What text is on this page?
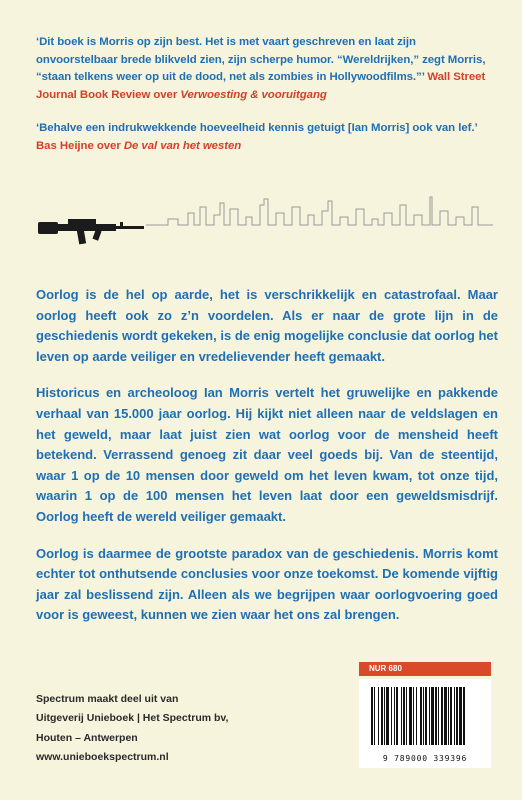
‘Dit boek is Morris op zijn best. Het is met vaart geschreven en laat zijn onvoorstelbaar brede blikveld zien, zijn scherpe humor. “Wereldrijken,” zegt Morris, “staan telkens weer op uit de dood, net als zombies in Hollywoodfilms.”’ Wall Street Journal Book Review over Verwoesting & vooruitgang

‘Behalve een indrukwekkende hoeveelheid kennis getuigt [Ian Morris] ook van lef.’ Bas Heijne over De val van het westen

Oorlog is de hel op aarde, het is verschrikkelijk en catastrofaal. Maar oorlog heeft ook zo z’n voordelen. Als er naar de grote lijn in de geschiedenis wordt gekeken, is de enig mogelijke conclusie dat oorlog het leven op aarde veiliger en vredelievender heeft gemaakt.

Historicus en archeoloog Ian Morris vertelt het gruwelijke en pakkende verhaal van 15.000 jaar oorlog. Hij kijkt niet alleen naar de veldslagen en het geweld, maar laat juist zien wat oorlog voor de mensheid heeft betekend. Verrassend genoeg zit daar veel goeds bij. Van de steentijd, waar 1 op de 10 mensen door geweld om het leven kwam, tot onze tijd, waarin 1 op de 100 mensen het leven laat door een geweldsmisdrijf. Oorlog heeft de wereld veiliger gemaakt.

Oorlog is daarmee de grootste paradox van de geschiedenis. Morris komt echter tot onthutsende conclusies voor onze toekomst. De komende vijftig jaar zal beslissend zijn. Alleen als we begrijpen waar oorlogvoering goed voor is geweest, kunnen we zien waar het ons zal brengen.

NUR 680

Spectrum maakt deel uit van

Uitgeverij Unieboek | Het Spectrum bv,

Houten – Antwerpen

www.unieboekspectrum.nl	9 789000 339396
